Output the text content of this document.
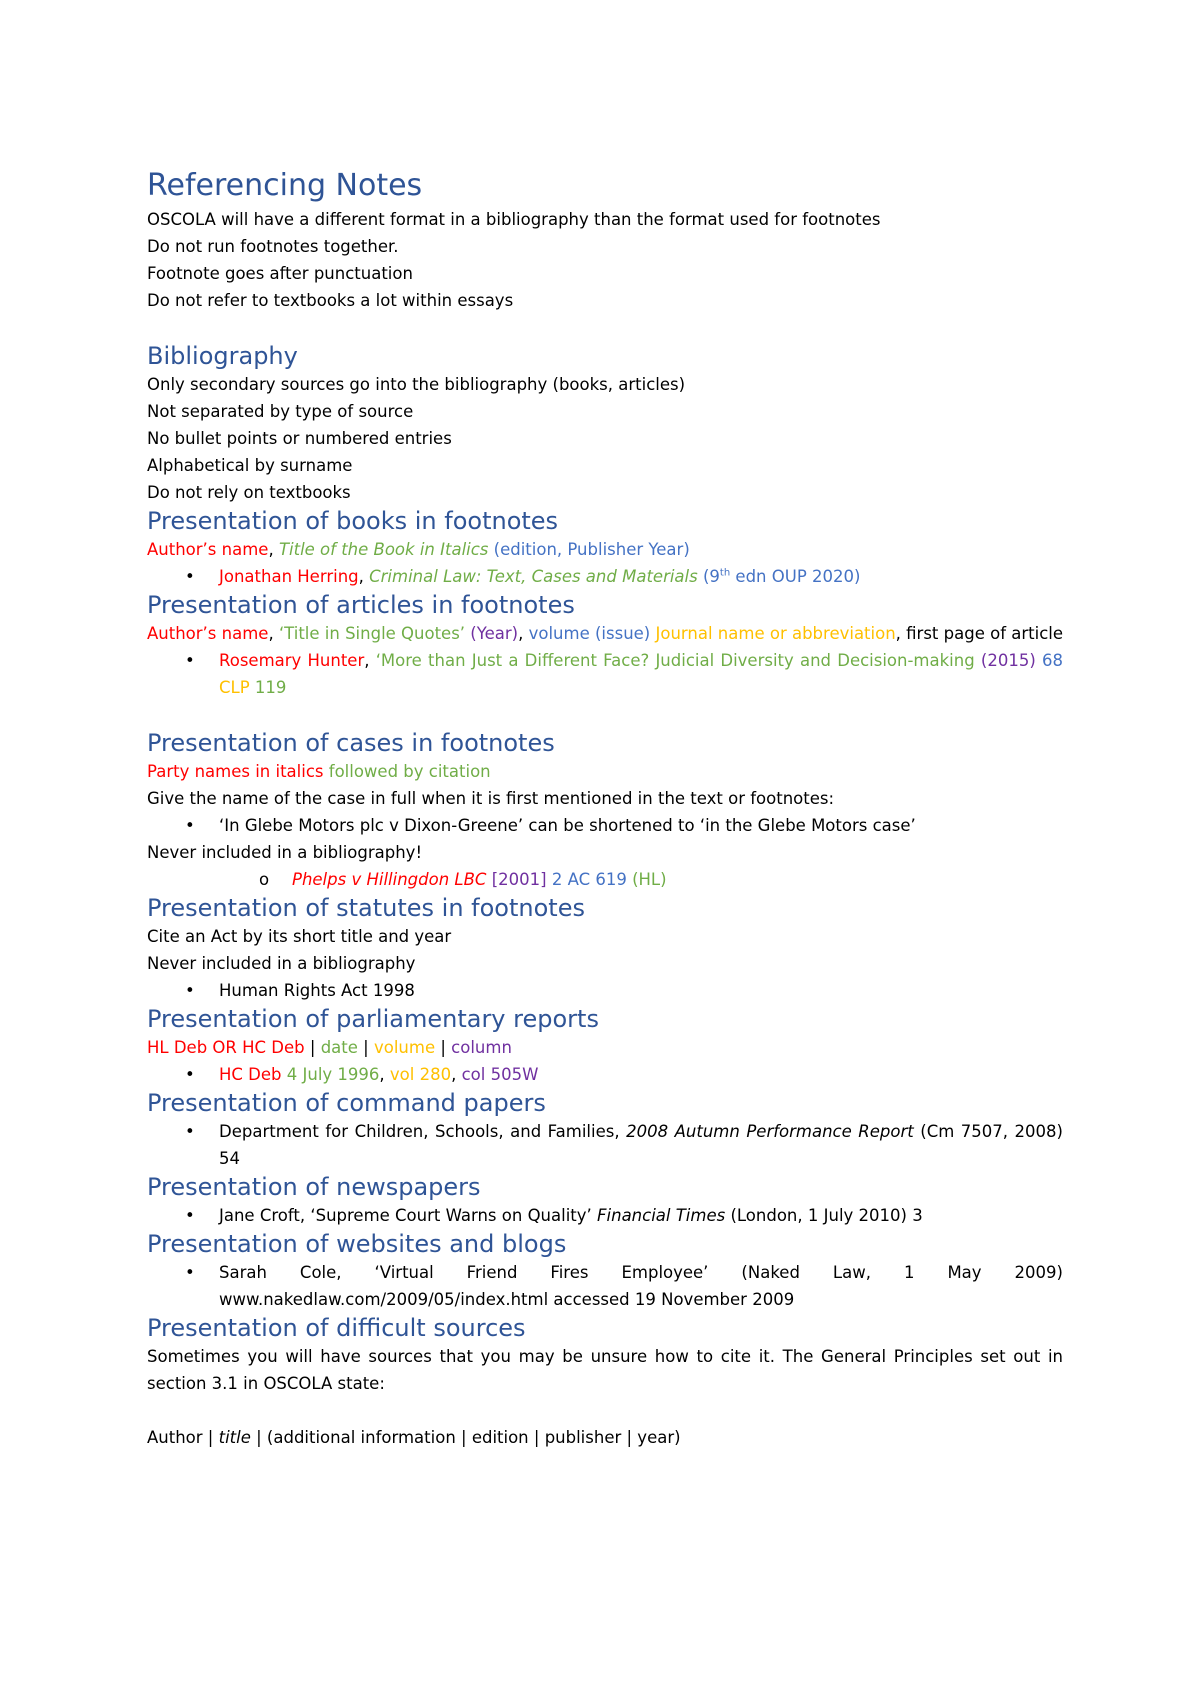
Referencing Notes

OSCOLA will have a different format in a bibliography than the format used for footnotes

Do not run footnotes together.

Footnote goes after punctuation

Do not refer to textbooks a lot within essays

Bibliography

Only secondary sources go into the bibliography (books, articles)

Not separated by type of source

No bullet points or numbered entries

Alphabetical by surname

Do not rely on textbooks

Presentation of books in footnotes

Author’s name, Title of the Book in Italics (edition, Publisher Year)

• Jonathan Herring, Criminal Law: Text, Cases and Materials (9th edn OUP 2020)

Presentation of articles in footnotes

Author’s name, ‘Title in Single Quotes’ (Year), volume (issue) Journal name or abbreviation, first page of article

• Rosemary Hunter, ‘More than Just a Different Face? Judicial Diversity and Decision-making (2015) 68 CLP 119

Presentation of cases in footnotes

Party names in italics followed by citation

Give the name of the case in full when it is first mentioned in the text or footnotes:

• ‘In Glebe Motors plc v Dixon-Greene’ can be shortened to ‘in the Glebe Motors case’

Never included in a bibliography!

o Phelps v Hillingdon LBC [2001] 2 AC 619 (HL)

Presentation of statutes in footnotes

Cite an Act by its short title and year

Never included in a bibliography

• Human Rights Act 1998

Presentation of parliamentary reports

HL Deb OR HC Deb | date | volume | column

• HC Deb 4 July 1996, vol 280, col 505W

Presentation of command papers

• Department for Children, Schools, and Families, 2008 Autumn Performance Report (Cm 7507, 2008) 54

Presentation of newspapers

• Jane Croft, ‘Supreme Court Warns on Quality’ Financial Times (London, 1 July 2010) 3

Presentation of websites and blogs

• Sarah Cole, ‘Virtual Friend Fires Employee’ (Naked Law, 1 May 2009) www.nakedlaw.com/2009/05/index.html accessed 19 November 2009

Presentation of difficult sources

Sometimes you will have sources that you may be unsure how to cite it. The General Principles set out in section 3.1 in OSCOLA state:

Author | title | (additional information | edition | publisher | year)
